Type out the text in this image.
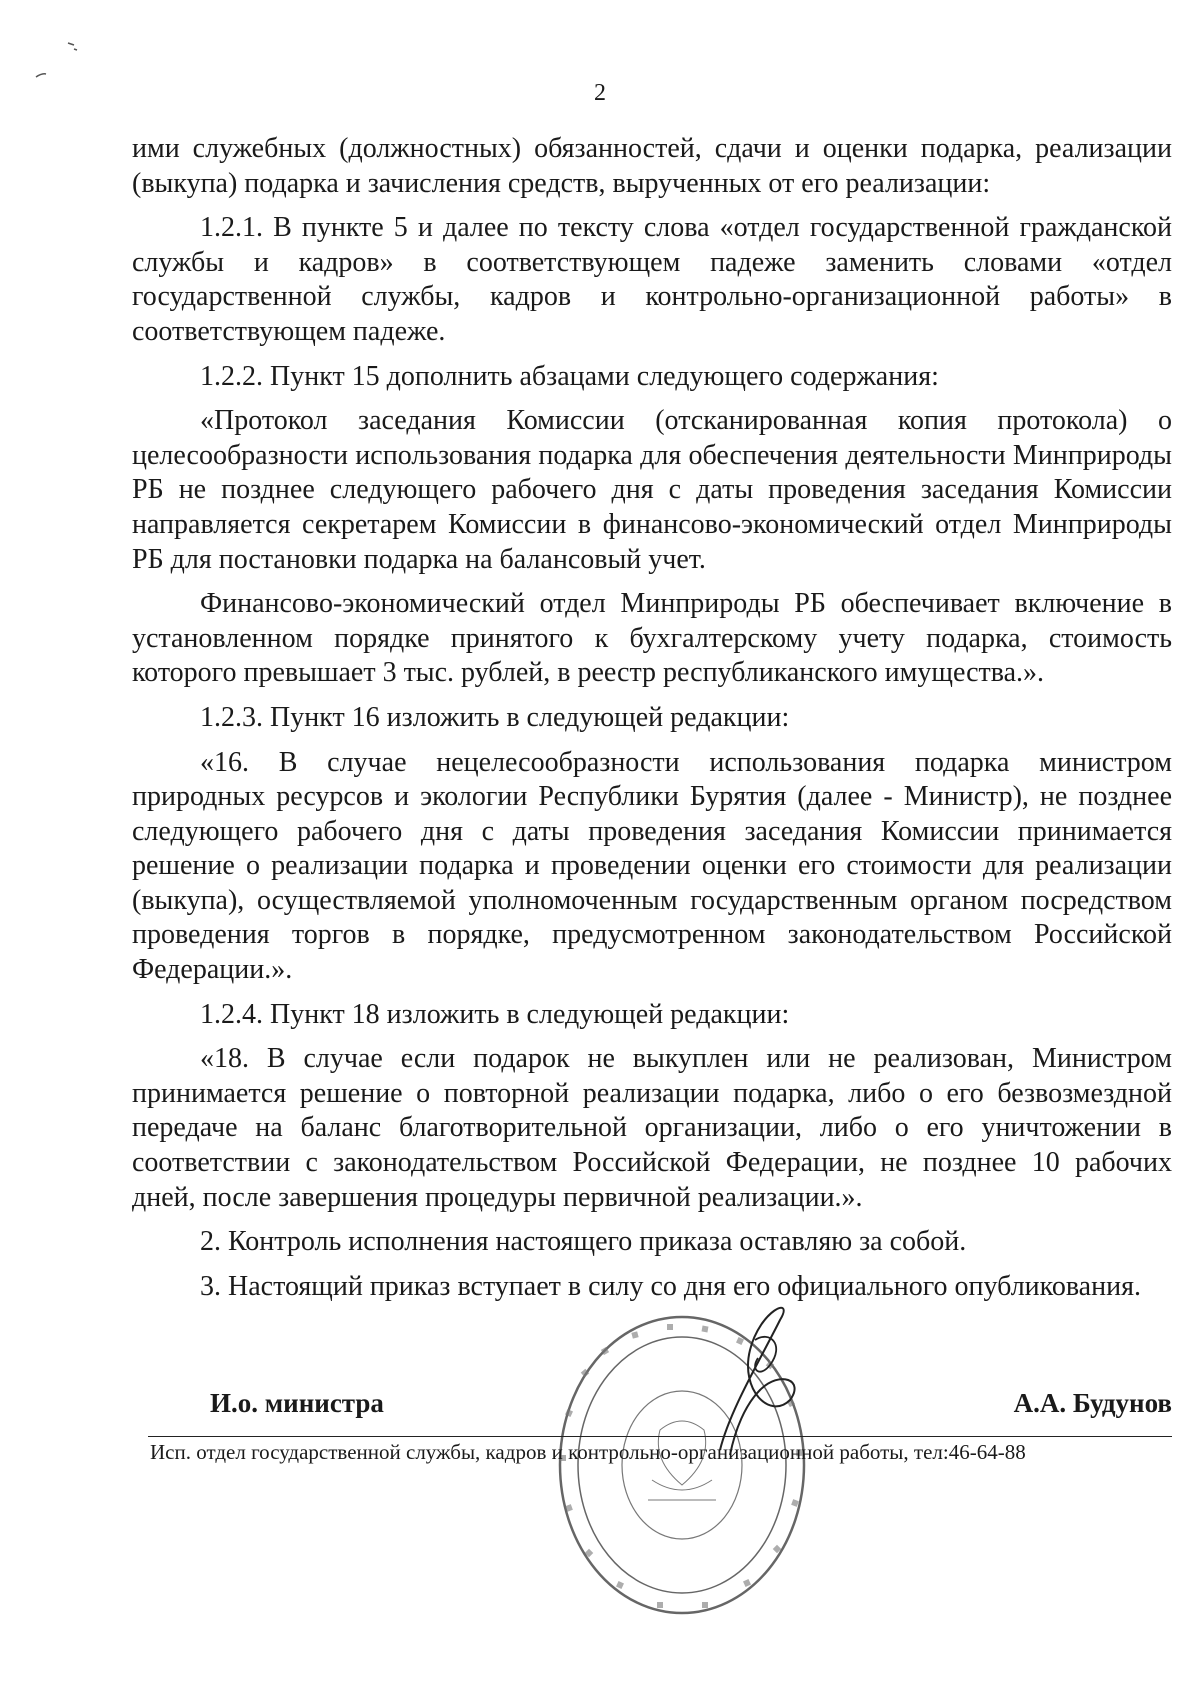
2

ими служебных (должностных) обязанностей, сдачи и оценки подарка, реализации (выкупа) подарка и зачисления средств, вырученных от его реализации:

1.2.1. В пункте 5 и далее по тексту слова «отдел государственной гражданской службы и кадров» в соответствующем падеже заменить словами «отдел государственной службы, кадров и контрольно-организационной работы» в соответствующем падеже.

1.2.2. Пункт 15 дополнить абзацами следующего содержания:

«Протокол заседания Комиссии (отсканированная копия протокола) о целесообразности использования подарка для обеспечения деятельности Минприроды РБ не позднее следующего рабочего дня с даты проведения заседания Комиссии направляется секретарем Комиссии в финансово-экономический отдел Минприроды РБ для постановки подарка на балансовый учет.

Финансово-экономический отдел Минприроды РБ обеспечивает включение в установленном порядке принятого к бухгалтерскому учету подарка, стоимость которого превышает 3 тыс. рублей, в реестр республиканского имущества.».

1.2.3. Пункт 16 изложить в следующей редакции:

«16. В случае нецелесообразности использования подарка министром природных ресурсов и экологии Республики Бурятия (далее - Министр), не позднее следующего рабочего дня с даты проведения заседания Комиссии принимается решение о реализации подарка и проведении оценки его стоимости для реализации (выкупа), осуществляемой уполномоченным государственным органом посредством проведения торгов в порядке, предусмотренном законодательством Российской Федерации.».

1.2.4. Пункт 18 изложить в следующей редакции:

«18. В случае если подарок не выкуплен или не реализован, Министром принимается решение о повторной реализации подарка, либо о его безвозмездной передаче на баланс благотворительной организации, либо о его уничтожении в соответствии с законодательством Российской Федерации, не позднее 10 рабочих дней, после завершения процедуры первичной реализации.».

2. Контроль исполнения настоящего приказа оставляю за собой.

3. Настоящий приказ вступает в силу со дня его официального опубликования.

И.о. министра	А.А. Будунов
Исп. отдел государственной службы, кадров и контрольно-организационной работы, тел:46-64-88
